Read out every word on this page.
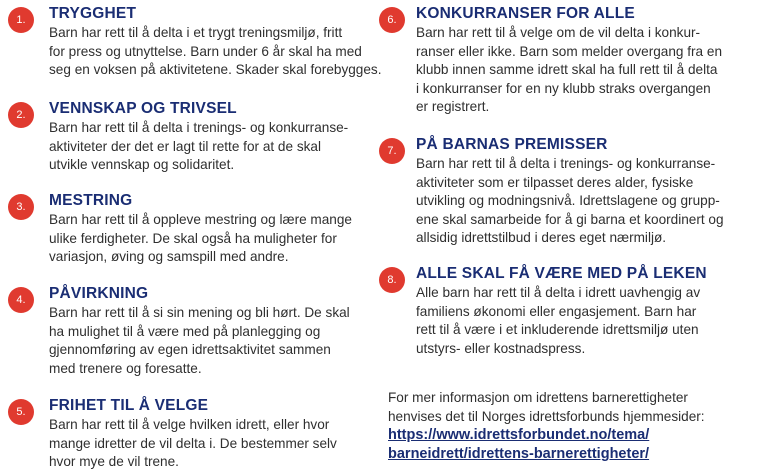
1.	TRYGGHET
Barn har rett til å delta i et trygt treningsmiljø, fritt
for press og utnyttelse. Barn under 6 år skal ha med
seg en voksen på aktivitetene. Skader skal forebygges.
2.	VENNSKAP OG TRIVSEL
Barn har rett til å delta i trenings- og konkurranse-
aktiviteter der det er lagt til rette for at de skal
utvikle vennskap og solidaritet.
3.	MESTRING
Barn har rett til å oppleve mestring og lære mange
ulike ferdigheter. De skal også ha muligheter for
variasjon, øving og samspill med andre.
4.	PÅVIRKNING
Barn har rett til å si sin mening og bli hørt. De skal
ha mulighet til å være med på planlegging og
gjennomføring av egen idrettsaktivitet sammen
med trenere og foresatte.
5.	FRIHET TIL Å VELGE
Barn har rett til å velge hvilken idrett, eller hvor
mange idretter de vil delta i. De bestemmer selv
hvor mye de vil trene.
6.	KONKURRANSER FOR ALLE
Barn har rett til å velge om de vil delta i konkur-
ranser eller ikke. Barn som melder overgang fra en
klubb innen samme idrett skal ha full rett til å delta
i konkurranser for en ny klubb straks overgangen
er registrert.
7.	PÅ BARNAS PREMISSER
Barn har rett til å delta i trenings- og konkurranse-
aktiviteter som er tilpasset deres alder, fysiske
utvikling og modningsnivå. Idrettslagene og grupp-
ene skal samarbeide for å gi barna et koordinert og
allsidig idrettstilbud i deres eget nærmiljø.
8.	ALLE SKAL FÅ VÆRE MED PÅ LEKEN
Alle barn har rett til å delta i idrett uavhengig av
familiens økonomi eller engasjement. Barn har
rett til å være i et inkluderende idrettsmiljø uten
utstyrs- eller kostnadspress.
For mer informasjon om idrettens barnerettigheter
henvises det til Norges idrettsforbunds hjemmesider:
https://www.idrettsforbundet.no/tema/
barneidrett/idrettens-barnerettigheter/
